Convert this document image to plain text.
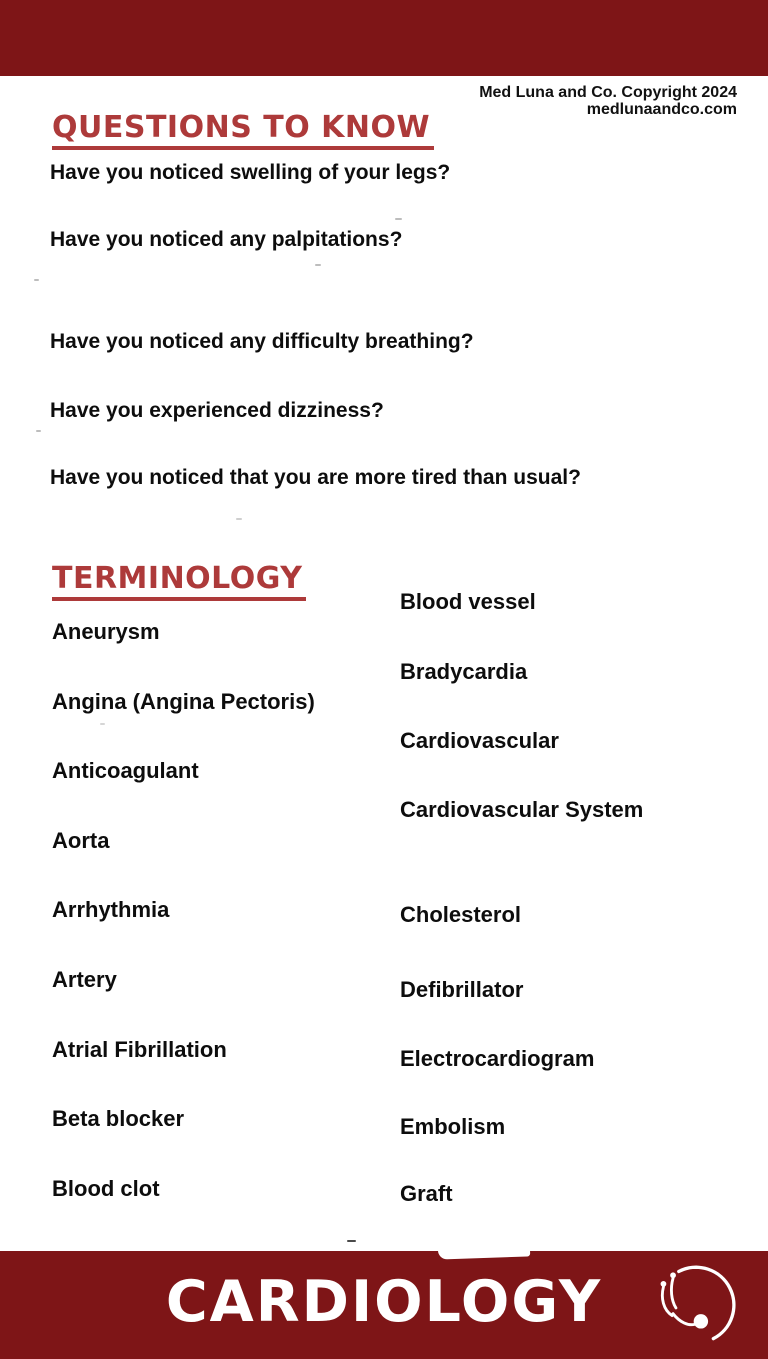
Med Luna and Co. Copyright 2024
medlunaandco.com
QUESTIONS TO KNOW
Have you noticed swelling of your legs?
Have you noticed any palpitations?
Have you noticed any difficulty breathing?
Have you experienced dizziness?
Have you noticed that you are more tired than usual?
TERMINOLOGY
Aneurysm
Angina (Angina Pectoris)
Anticoagulant
Aorta
Arrhythmia
Artery
Atrial Fibrillation
Beta blocker
Blood clot
Blood vessel
Bradycardia
Cardiovascular
Cardiovascular System
Cholesterol
Defibrillator
Electrocardiogram
Embolism
Graft
CARDIOLOGY
